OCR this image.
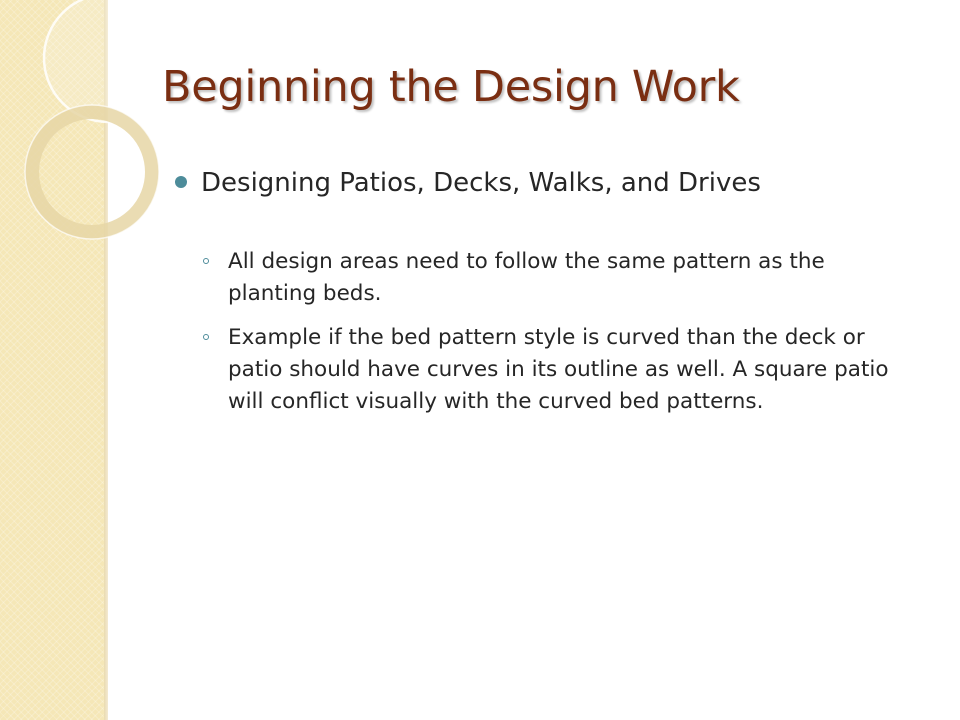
Beginning the Design Work
Designing Patios, Decks, Walks, and Drives
All design areas need to follow the same pattern as the planting beds.
Example if the bed pattern style is curved than the deck or patio should have curves in its outline as well. A square patio will conflict visually with the curved bed patterns.
